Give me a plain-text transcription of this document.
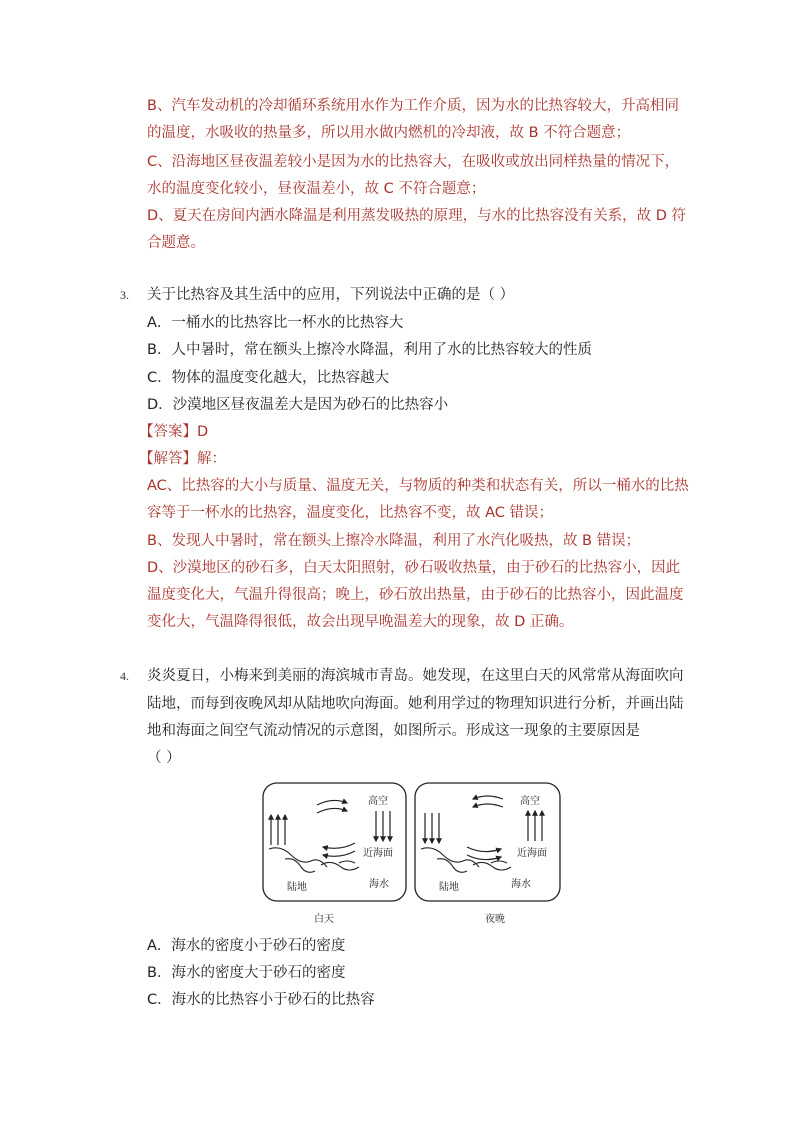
B、汽车发动机的冷却循环系统用水作为工作介质，因为水的比热容较大，升高相同
的温度，水吸收的热量多，所以用水做内燃机的冷却液，故 B 不符合题意；
C、沿海地区昼夜温差较小是因为水的比热容大，在吸收或放出同样热量的情况下，
水的温度变化较小，昼夜温差小，故 C 不符合题意；
D、夏天在房间内洒水降温是利用蒸发吸热的原理，与水的比热容没有关系，故 D 符
合题意。
3. 关于比热容及其生活中的应用，下列说法中正确的是（ ）
A．一桶水的比热容比一杯水的比热容大
B．人中暑时，常在额头上擦冷水降温，利用了水的比热容较大的性质
C．物体的温度变化越大，比热容越大
D．沙漠地区昼夜温差大是因为砂石的比热容小
【答案】D
【解答】解：
AC、比热容的大小与质量、温度无关，与物质的种类和状态有关，所以一桶水的比热
容等于一杯水的比热容，温度变化，比热容不变，故 AC 错误；
B、发现人中暑时，常在额头上擦冷水降温，利用了水汽化吸热，故 B 错误；
D、沙漠地区的砂石多，白天太阳照射，砂石吸收热量，由于砂石的比热容小，因此
温度变化大，气温升得很高；晚上，砂石放出热量，由于砂石的比热容小，因此温度
变化大，气温降得很低，故会出现早晚温差大的现象，故 D 正确。
4. 炎炎夏日，小梅来到美丽的海滨城市青岛。她发现，在这里白天的风常常从海面吹向
陆地，而每到夜晚风却从陆地吹向海面。她利用学过的物理知识进行分析，并画出陆
地和海面之间空气流动情况的示意图，如图所示。形成这一现象的主要原因是
（ ）
高空
近海面
陆地	海水
白天
高空
近海面
陆地	海水
夜晚
A．海水的密度小于砂石的密度
B．海水的密度大于砂石的密度
C．海水的比热容小于砂石的比热容
